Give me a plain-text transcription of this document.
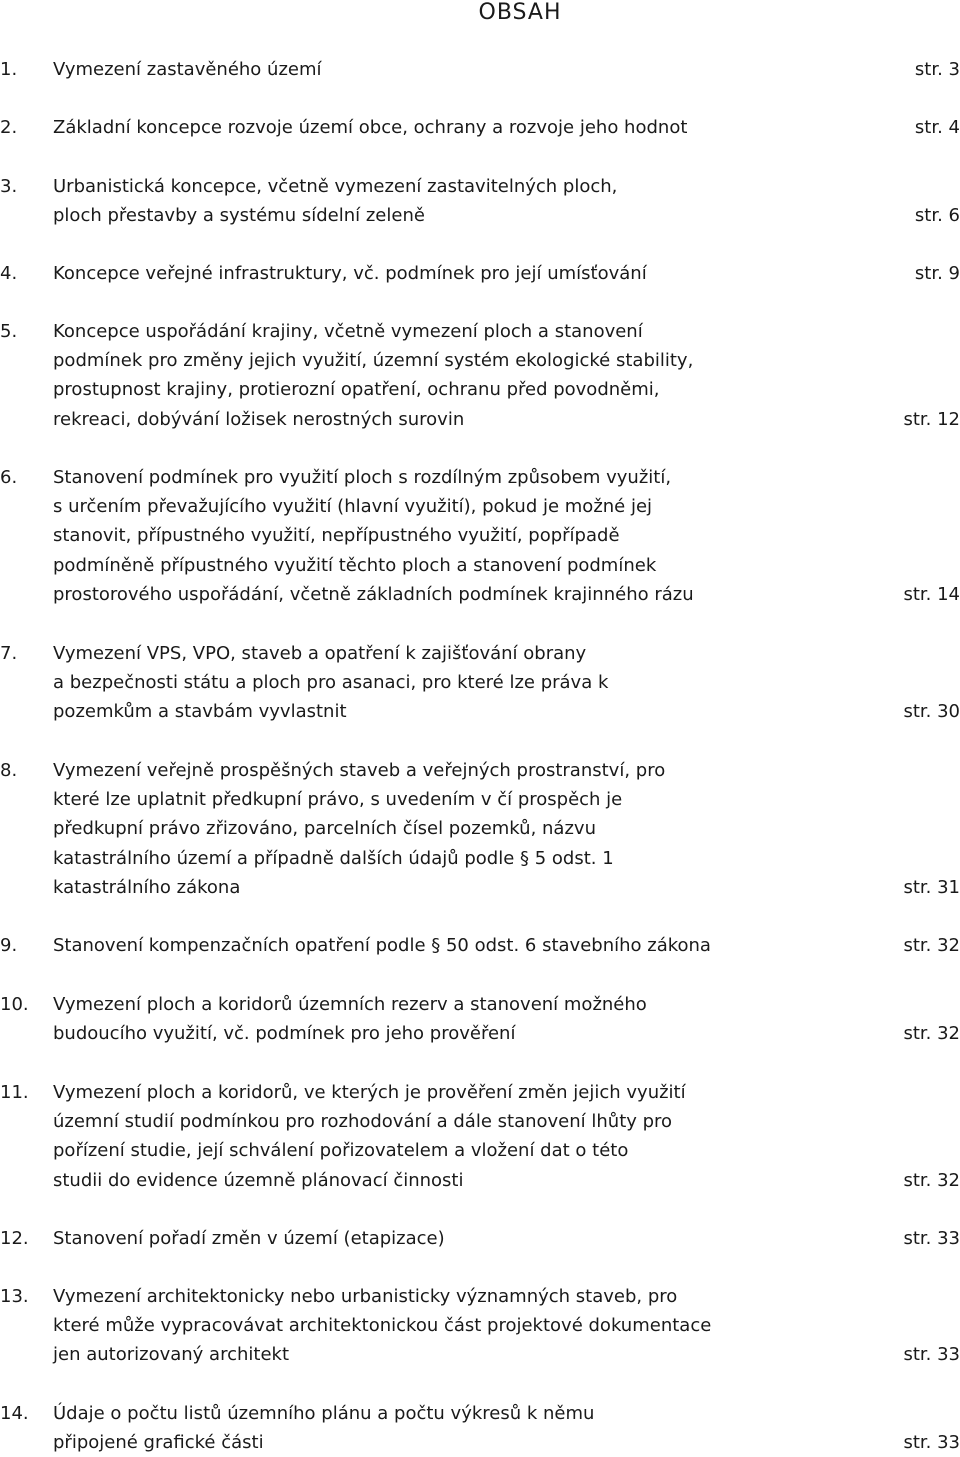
OBSAH
1.	Vymezení zastavěného území	str. 3
2.	Základní koncepce rozvoje území obce, ochrany a rozvoje jeho hodnot	str. 4
3.	Urbanistická koncepce, včetně vymezení zastavitelných ploch,
ploch přestavby a systému sídelní zeleně	str. 6
4.	Koncepce veřejné infrastruktury, vč. podmínek pro její umísťování	str. 9
5.	Koncepce uspořádání krajiny, včetně vymezení ploch a stanovení
podmínek pro změny jejich využití, územní systém ekologické stability,
prostupnost krajiny, protierozní opatření, ochranu před povodněmi,
rekreaci, dobývání ložisek nerostných surovin	str. 12
6.	Stanovení podmínek pro využití ploch s rozdílným způsobem využití,
s určením převažujícího využití (hlavní využití), pokud je možné jej
stanovit, přípustného využití, nepřípustného využití, popřípadě
podmíněně přípustného využití těchto ploch a stanovení podmínek
prostorového uspořádání, včetně základních podmínek krajinného rázu	str. 14
7.	Vymezení VPS, VPO, staveb a opatření k zajišťování obrany
a bezpečnosti státu a ploch pro asanaci, pro které lze práva k
pozemkům a stavbám vyvlastnit	str. 30
8.	Vymezení veřejně prospěšných staveb a veřejných prostranství, pro
které lze uplatnit předkupní právo, s uvedením v čí prospěch je
předkupní právo zřizováno, parcelních čísel pozemků, názvu
katastrálního území a případně dalších údajů podle § 5 odst. 1
katastrálního zákona	str. 31
9.	Stanovení kompenzačních opatření podle § 50 odst. 6 stavebního zákona	str. 32
10.	Vymezení ploch a koridorů územních rezerv a stanovení možného
budoucího využití, vč. podmínek pro jeho prověření	str. 32
11.	Vymezení ploch a koridorů, ve kterých je prověření změn jejich využití
územní studií podmínkou pro rozhodování a dále stanovení lhůty pro
pořízení studie, její schválení pořizovatelem a vložení dat o této
studii do evidence územně plánovací činnosti	str. 32
12.	Stanovení pořadí změn v území (etapizace)	str. 33
13.	Vymezení architektonicky nebo urbanisticky významných staveb, pro
které může vypracovávat architektonickou část projektové dokumentace
jen autorizovaný architekt	str. 33
14.	Údaje o počtu listů územního plánu a počtu výkresů k němu
připojené grafické části	str. 33
